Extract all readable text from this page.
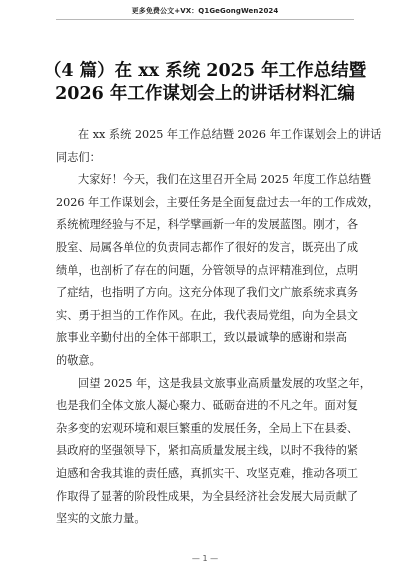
更多免费公文+VX：Q1GeGongWen2024
（4 篇）在 xx 系统 2025 年工作总结暨
2026 年工作谋划会上的讲话材料汇编
在 xx 系统 2025 年工作总结暨 2026 年工作谋划会上的讲话
同志们：
大家好！今天，我们在这里召开全局 2025 年度工作总结暨
2026 年工作谋划会，主要任务是全面复盘过去一年的工作成效，
系统梳理经验与不足，科学擘画新一年的发展蓝图。刚才，各
股室、局属各单位的负责同志都作了很好的发言，既亮出了成
绩单，也剖析了存在的问题，分管领导的点评精准到位，点明
了症结，也指明了方向。这充分体现了我们文广旅系统求真务
实、勇于担当的工作作风。在此，我代表局党组，向为全县文
旅事业辛勤付出的全体干部职工，致以最诚挚的感谢和崇高
的敬意。
回望 2025 年，这是我县文旅事业高质量发展的攻坚之年，
也是我们全体文旅人凝心聚力、砥砺奋进的不凡之年。面对复
杂多变的宏观环境和艰巨繁重的发展任务，全局上下在县委、
县政府的坚强领导下，紧扣高质量发展主线，以时不我待的紧
迫感和舍我其谁的责任感，真抓实干、攻坚克难，推动各项工
作取得了显著的阶段性成果，为全县经济社会发展大局贡献了
坚实的文旅力量。
— 1 —
